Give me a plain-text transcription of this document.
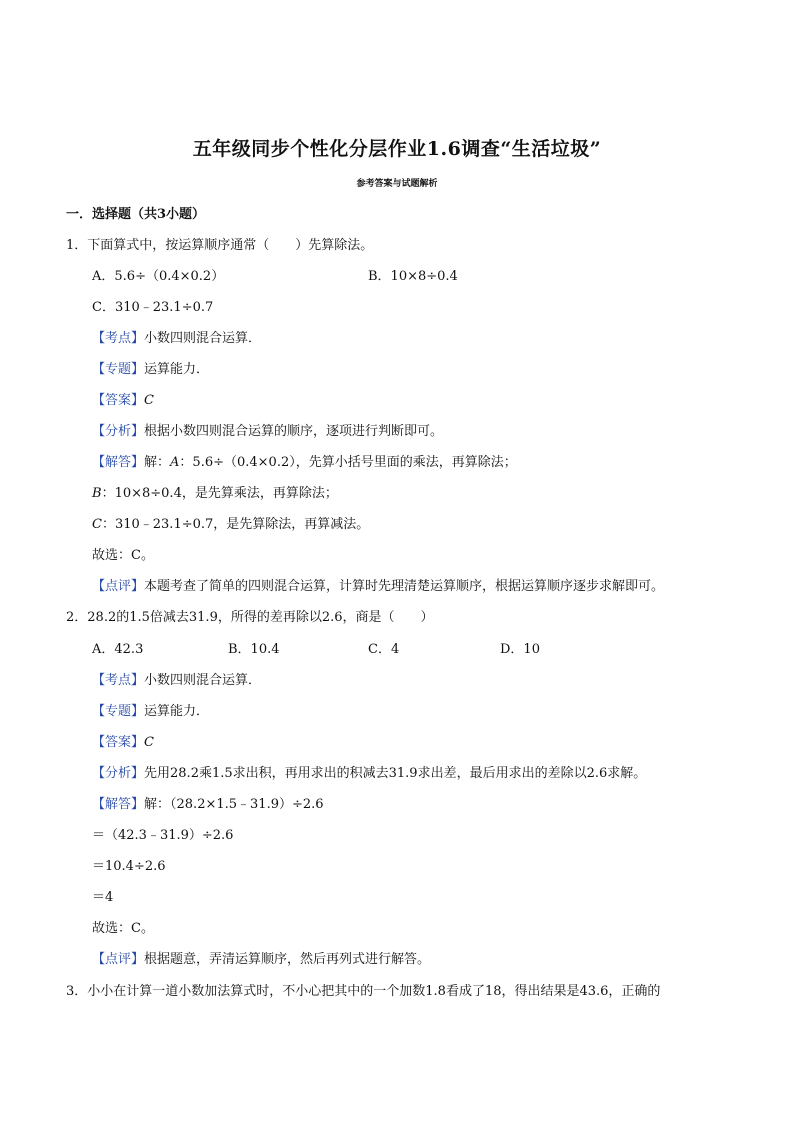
五年级同步个性化分层作业1.6调查“生活垃圾”
参考答案与试题解析
一．选择题（共3小题）
1．下面算式中，按运算顺序通常（　　）先算除法。
A．5.6÷（0.4×0.2）	B．10×8÷0.4
C．310﹣23.1÷0.7
【考点】小数四则混合运算．
【专题】运算能力．
【答案】C
【分析】根据小数四则混合运算的顺序，逐项进行判断即可。
【解答】解：A：5.6÷（0.4×0.2），先算小括号里面的乘法，再算除法；
B：10×8÷0.4，是先算乘法，再算除法；
C：310﹣23.1÷0.7，是先算除法，再算减法。
故选：C。
【点评】本题考查了简单的四则混合运算，计算时先理清楚运算顺序，根据运算顺序逐步求解即可。
2．28.2的1.5倍减去31.9，所得的差再除以2.6，商是（　　）
A．42.3	B．10.4	C．4	D．10
【考点】小数四则混合运算．
【专题】运算能力．
【答案】C
【分析】先用28.2乘1.5求出积，再用求出的积减去31.9求出差，最后用求出的差除以2.6求解。
【解答】解：（28.2×1.5﹣31.9）÷2.6
＝（42.3﹣31.9）÷2.6
＝10.4÷2.6
＝4
故选：C。
【点评】根据题意，弄清运算顺序，然后再列式进行解答。
3．小小在计算一道小数加法算式时，不小心把其中的一个加数1.8看成了18，得出结果是43.6，正确的
